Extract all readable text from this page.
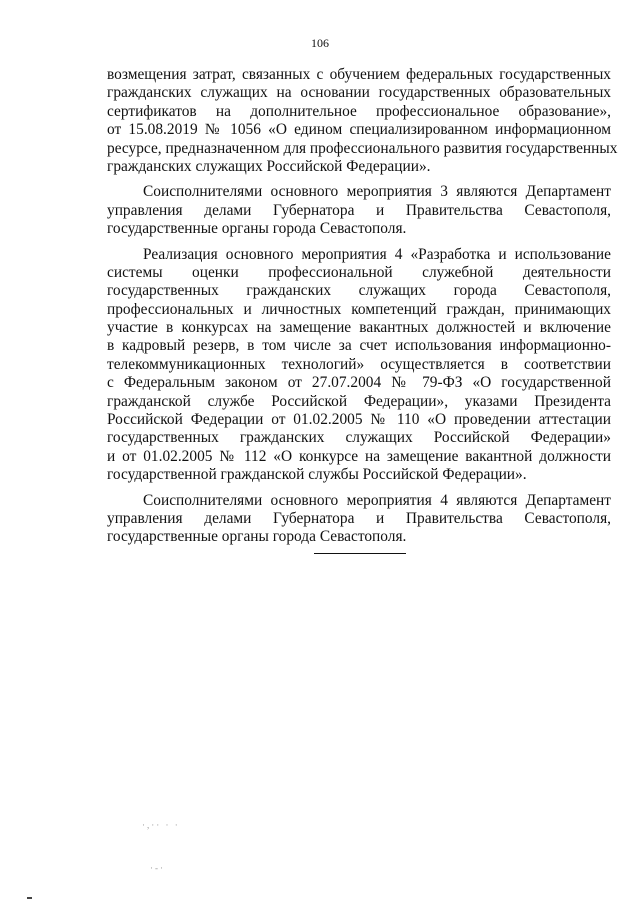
106
возмещения затрат, связанных с обучением федеральных государственных
гражданских служащих на основании государственных образовательных
сертификатов на дополнительное профессиональное образование»,
от 15.08.2019 № 1056 «О едином специализированном информационном
ресурсе, предназначенном для профессионального развития государственных
гражданских служащих Российской Федерации».
Соисполнителями основного мероприятия 3 являются Департамент
управления делами Губернатора и Правительства Севастополя,
государственные органы города Севастополя.
Реализация основного мероприятия 4 «Разработка и использование
системы оценки профессиональной служебной деятельности
государственных гражданских служащих города Севастополя,
профессиональных и личностных компетенций граждан, принимающих
участие в конкурсах на замещение вакантных должностей и включение
в кадровый резерв, в том числе за счет использования информационно-
телекоммуникационных технологий» осуществляется в соответствии
с Федеральным законом от 27.07.2004 № 79-ФЗ «О государственной
гражданской службе Российской Федерации», указами Президента
Российской Федерации от 01.02.2005 № 110 «О проведении аттестации
государственных гражданских служащих Российской Федерации»
и от 01.02.2005 № 112 «О конкурсе на замещение вакантной должности
государственной гражданской службы Российской Федерации».
Соисполнителями основного мероприятия 4 являются Департамент
управления делами Губернатора и Правительства Севастополя,
государственные органы города Севастополя.
·,·· · ·
·-·
